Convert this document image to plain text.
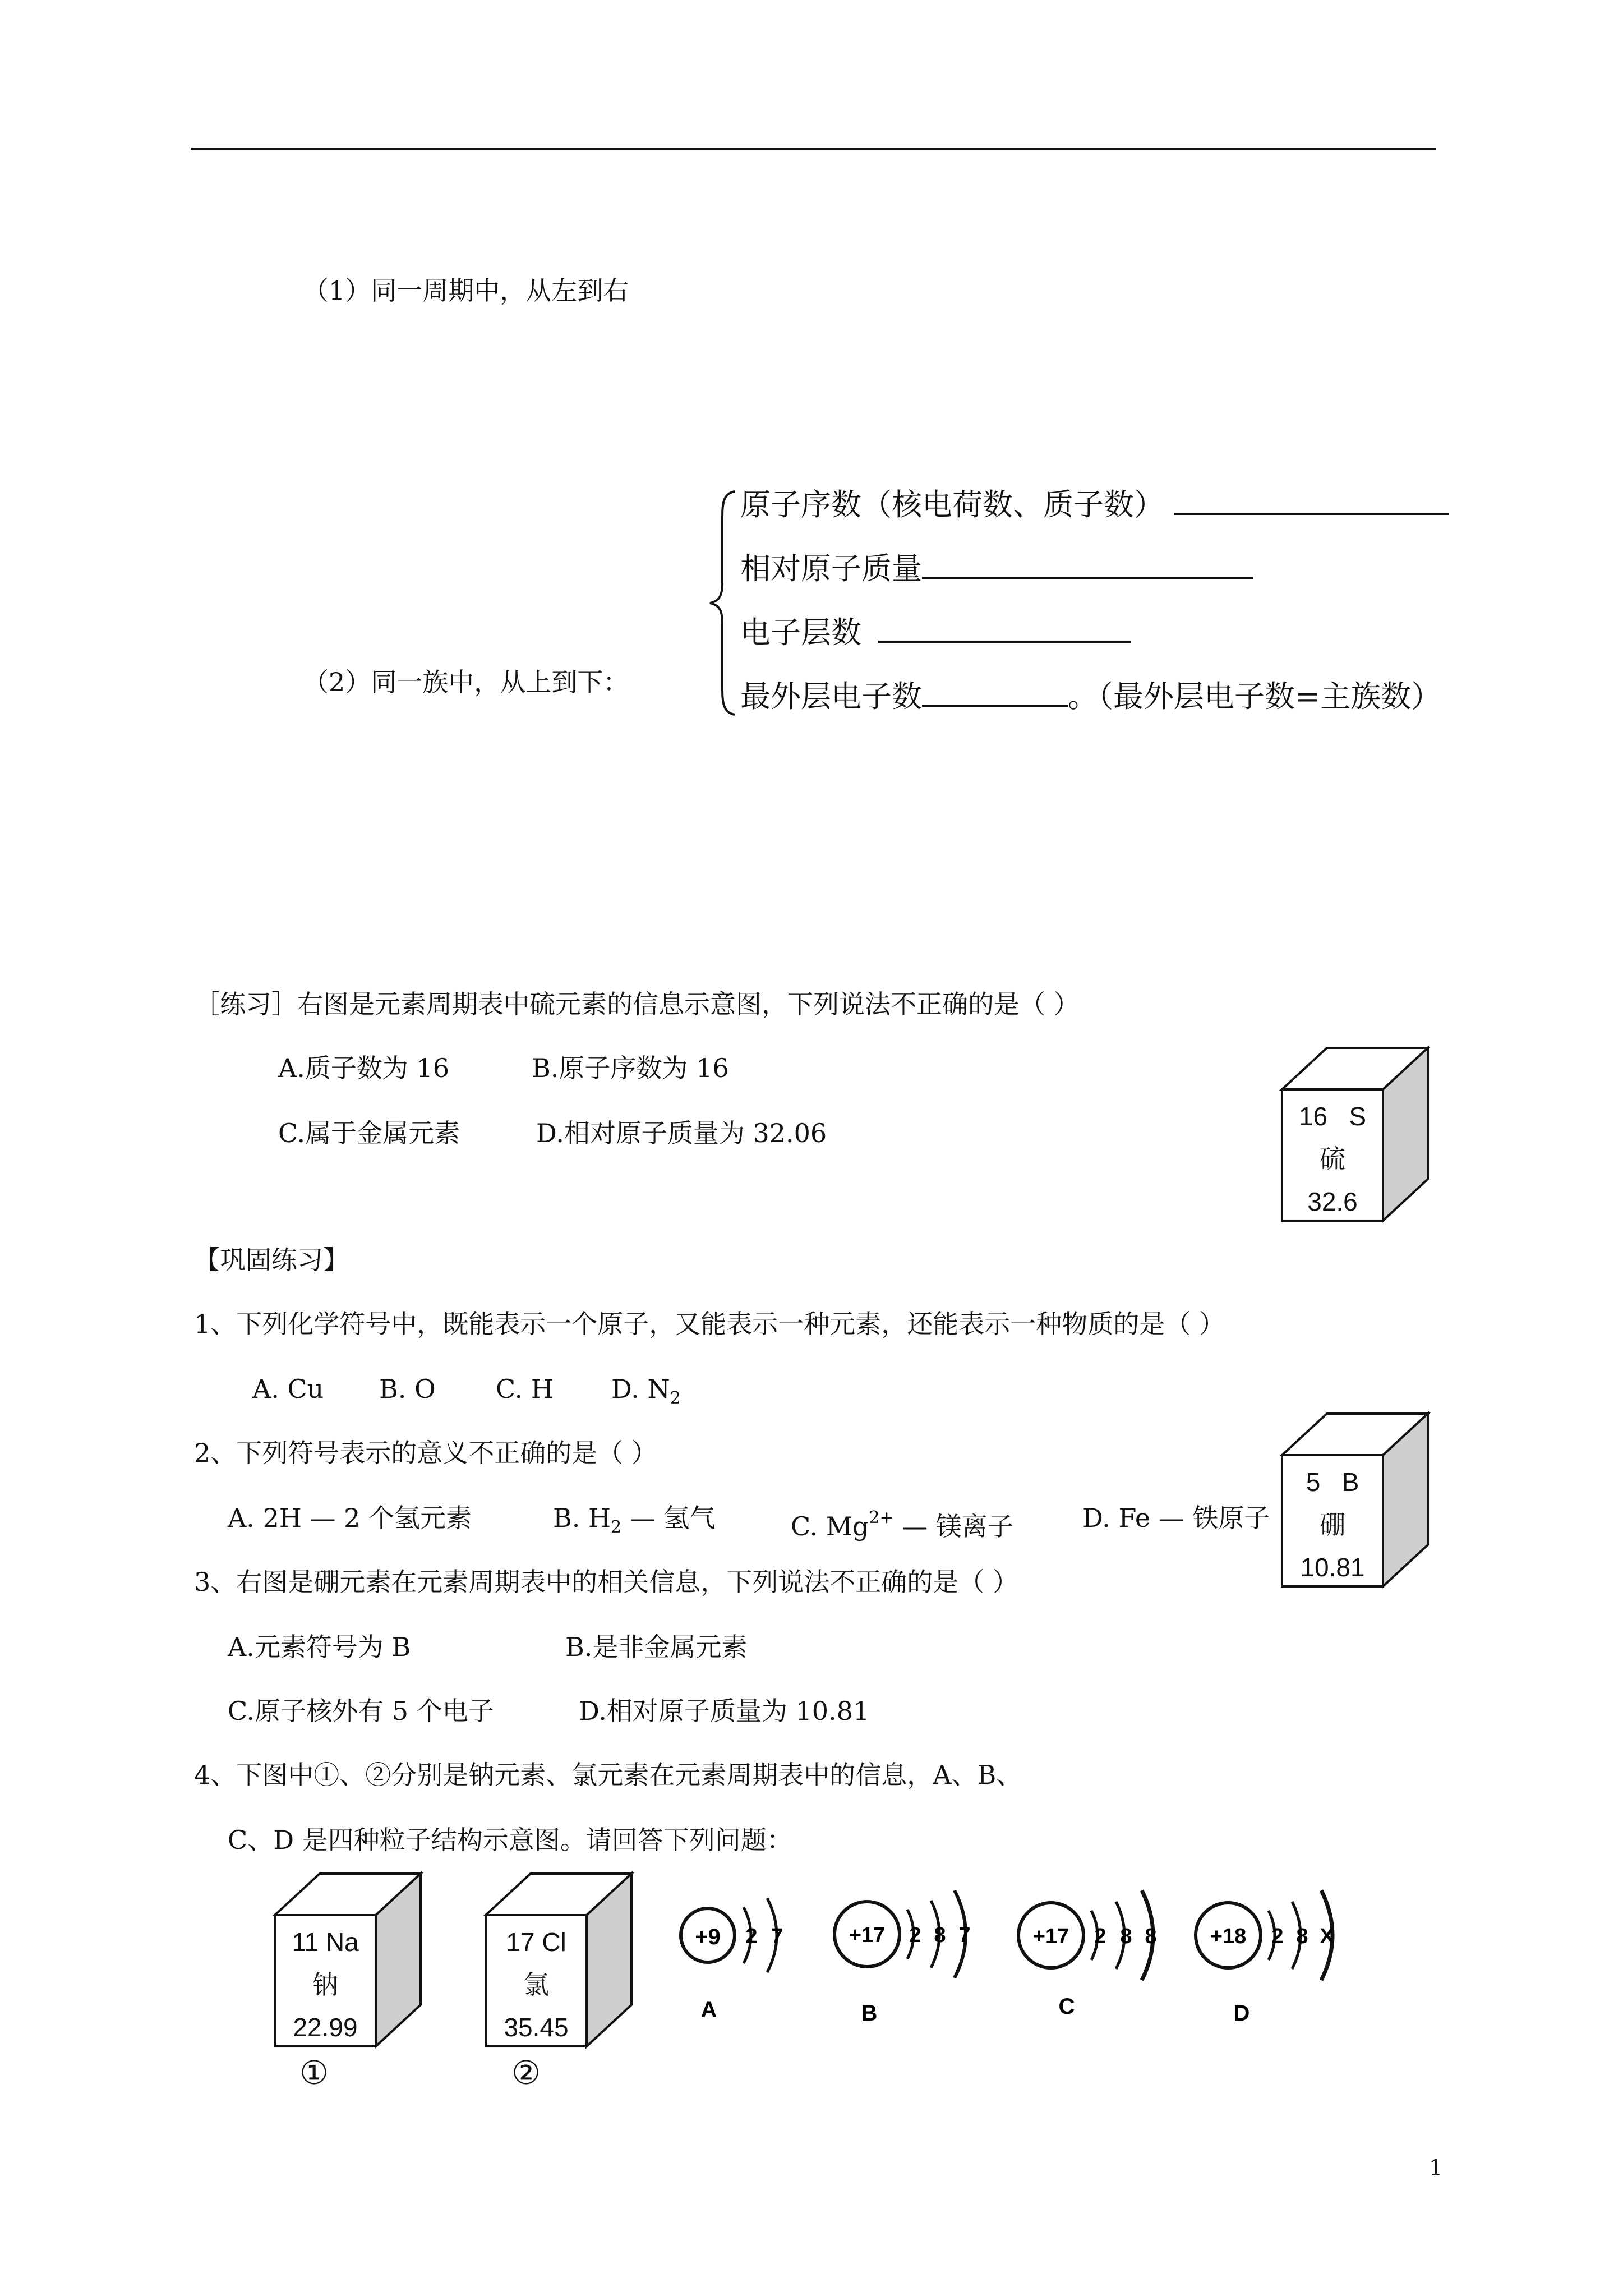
（1）同一周期中，从左到右
原子序数（核电荷数、质子数）
相对原子质量
电子层数
最外层电子数	。（最外层电子数=主族数）
（2）同一族中，从上到下：
［练习］右图是元素周期表中硫元素的信息示意图，下列说法不正确的是（ ）
A.质子数为 16	B.原子序数为 16
C.属于金属元素	D.相对原子质量为 32.06
16 S
硫
32.6
【巩固练习】
1、下列化学符号中，既能表示一个原子，又能表示一种元素，还能表示一种物质的是（ ）
A. Cu B. O C. H D. $N_2$
2、下列符号表示的意义不正确的是（ ）
A. 2H — 2 个氢元素	B. $H_2$ — 氢气	C. $Mg^{2+}$ — 镁离子	D. Fe — 铁原子
5 B
硼
10.81
3、右图是硼元素在元素周期表中的相关信息，下列说法不正确的是（ ）
A.元素符号为 B	B.是非金属元素
C.原子核外有 5 个电子	D.相对原子质量为 10.81
4、下图中①、②分别是钠元素、氯元素在元素周期表中的信息，A、B、
C、D 是四种粒子结构示意图。请回答下列问题：
11 Na
钠
22.99
①
17 Cl
氯
35.45
②
+9 2 7
A
+17 2 8 7
B
+17 2 8 8
C
+18 2 8 X
D
1
